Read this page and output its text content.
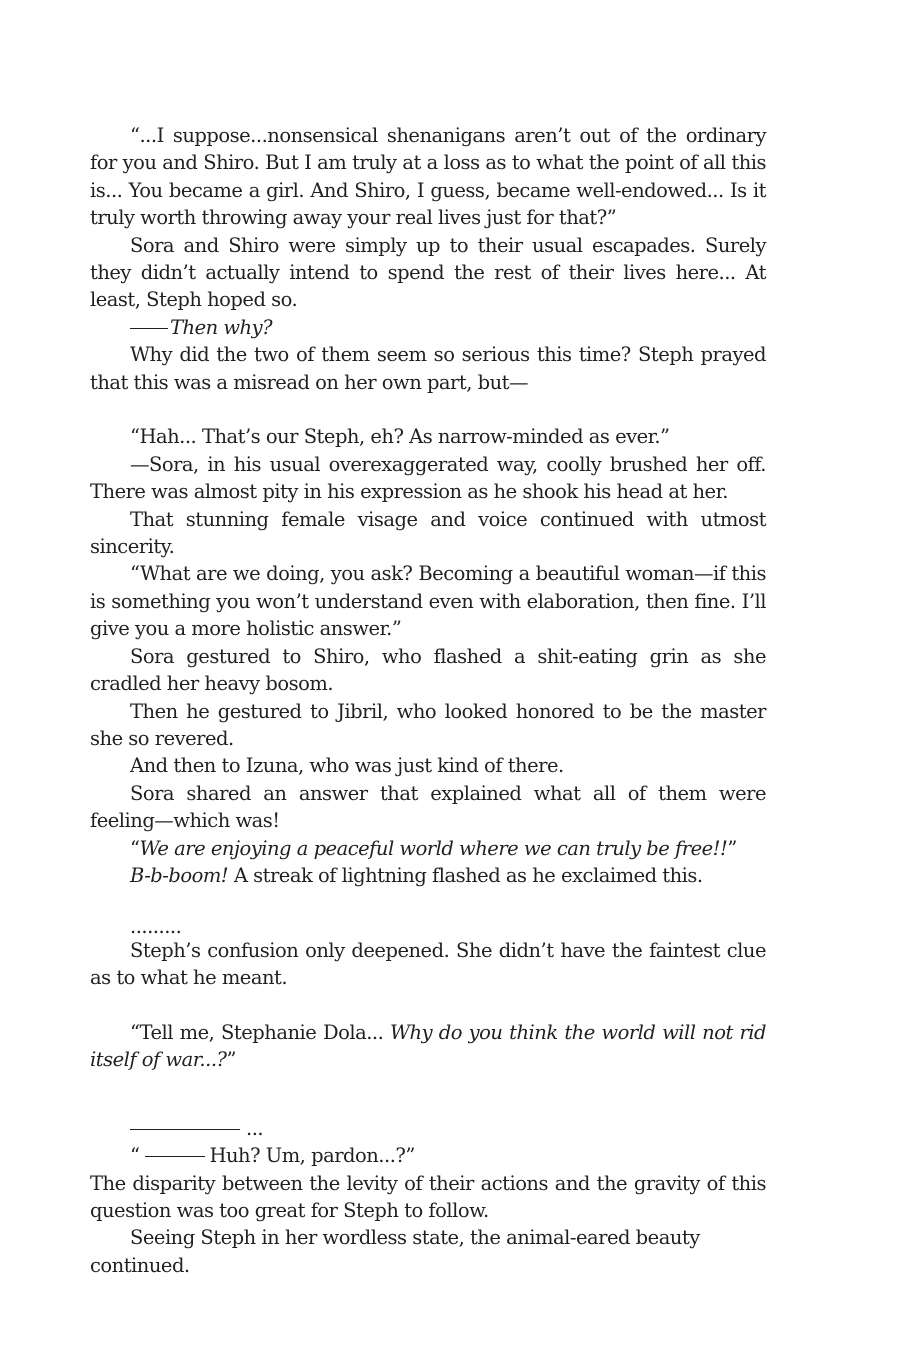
“...I suppose...nonsensical shenanigans aren’t out of the ordinary for you and Shiro. But I am truly at a loss as to what the point of all this is... You became a girl. And Shiro, I guess, became well-endowed... Is it truly worth throwing away your real lives just for that?”

Sora and Shiro were simply up to their usual escapades. Surely they didn’t actually intend to spend the rest of their lives here... At least, Steph hoped so.

Then why?

Why did the two of them seem so serious this time? Steph prayed that this was a misread on her own part, but—

“Hah... That’s our Steph, eh? As narrow-minded as ever.”

—Sora, in his usual overexaggerated way, coolly brushed her off. There was almost pity in his expression as he shook his head at her.

That stunning female visage and voice continued with utmost sincerity.

“What are we doing, you ask? Becoming a beautiful woman—if this is something you won’t understand even with elaboration, then fine. I’ll give you a more holistic answer.”

Sora gestured to Shiro, who flashed a shit-eating grin as she cradled her heavy bosom.

Then he gestured to Jibril, who looked honored to be the master she so revered.

And then to Izuna, who was just kind of there.

Sora shared an answer that explained what all of them were feeling—which was!

“We are enjoying a peaceful world where we can truly be free!!”

B-b-boom! A streak of lightning flashed as he exclaimed this.

.........

Steph’s confusion only deepened. She didn’t have the faintest clue as to what he meant.

“Tell me, Stephanie Dola... Why do you think the world will not rid itself of war...?”

...

“	Huh? Um, pardon...?”

The disparity between the levity of their actions and the gravity of this question was too great for Steph to follow.

Seeing Steph in her wordless state, the animal-eared beauty continued.
